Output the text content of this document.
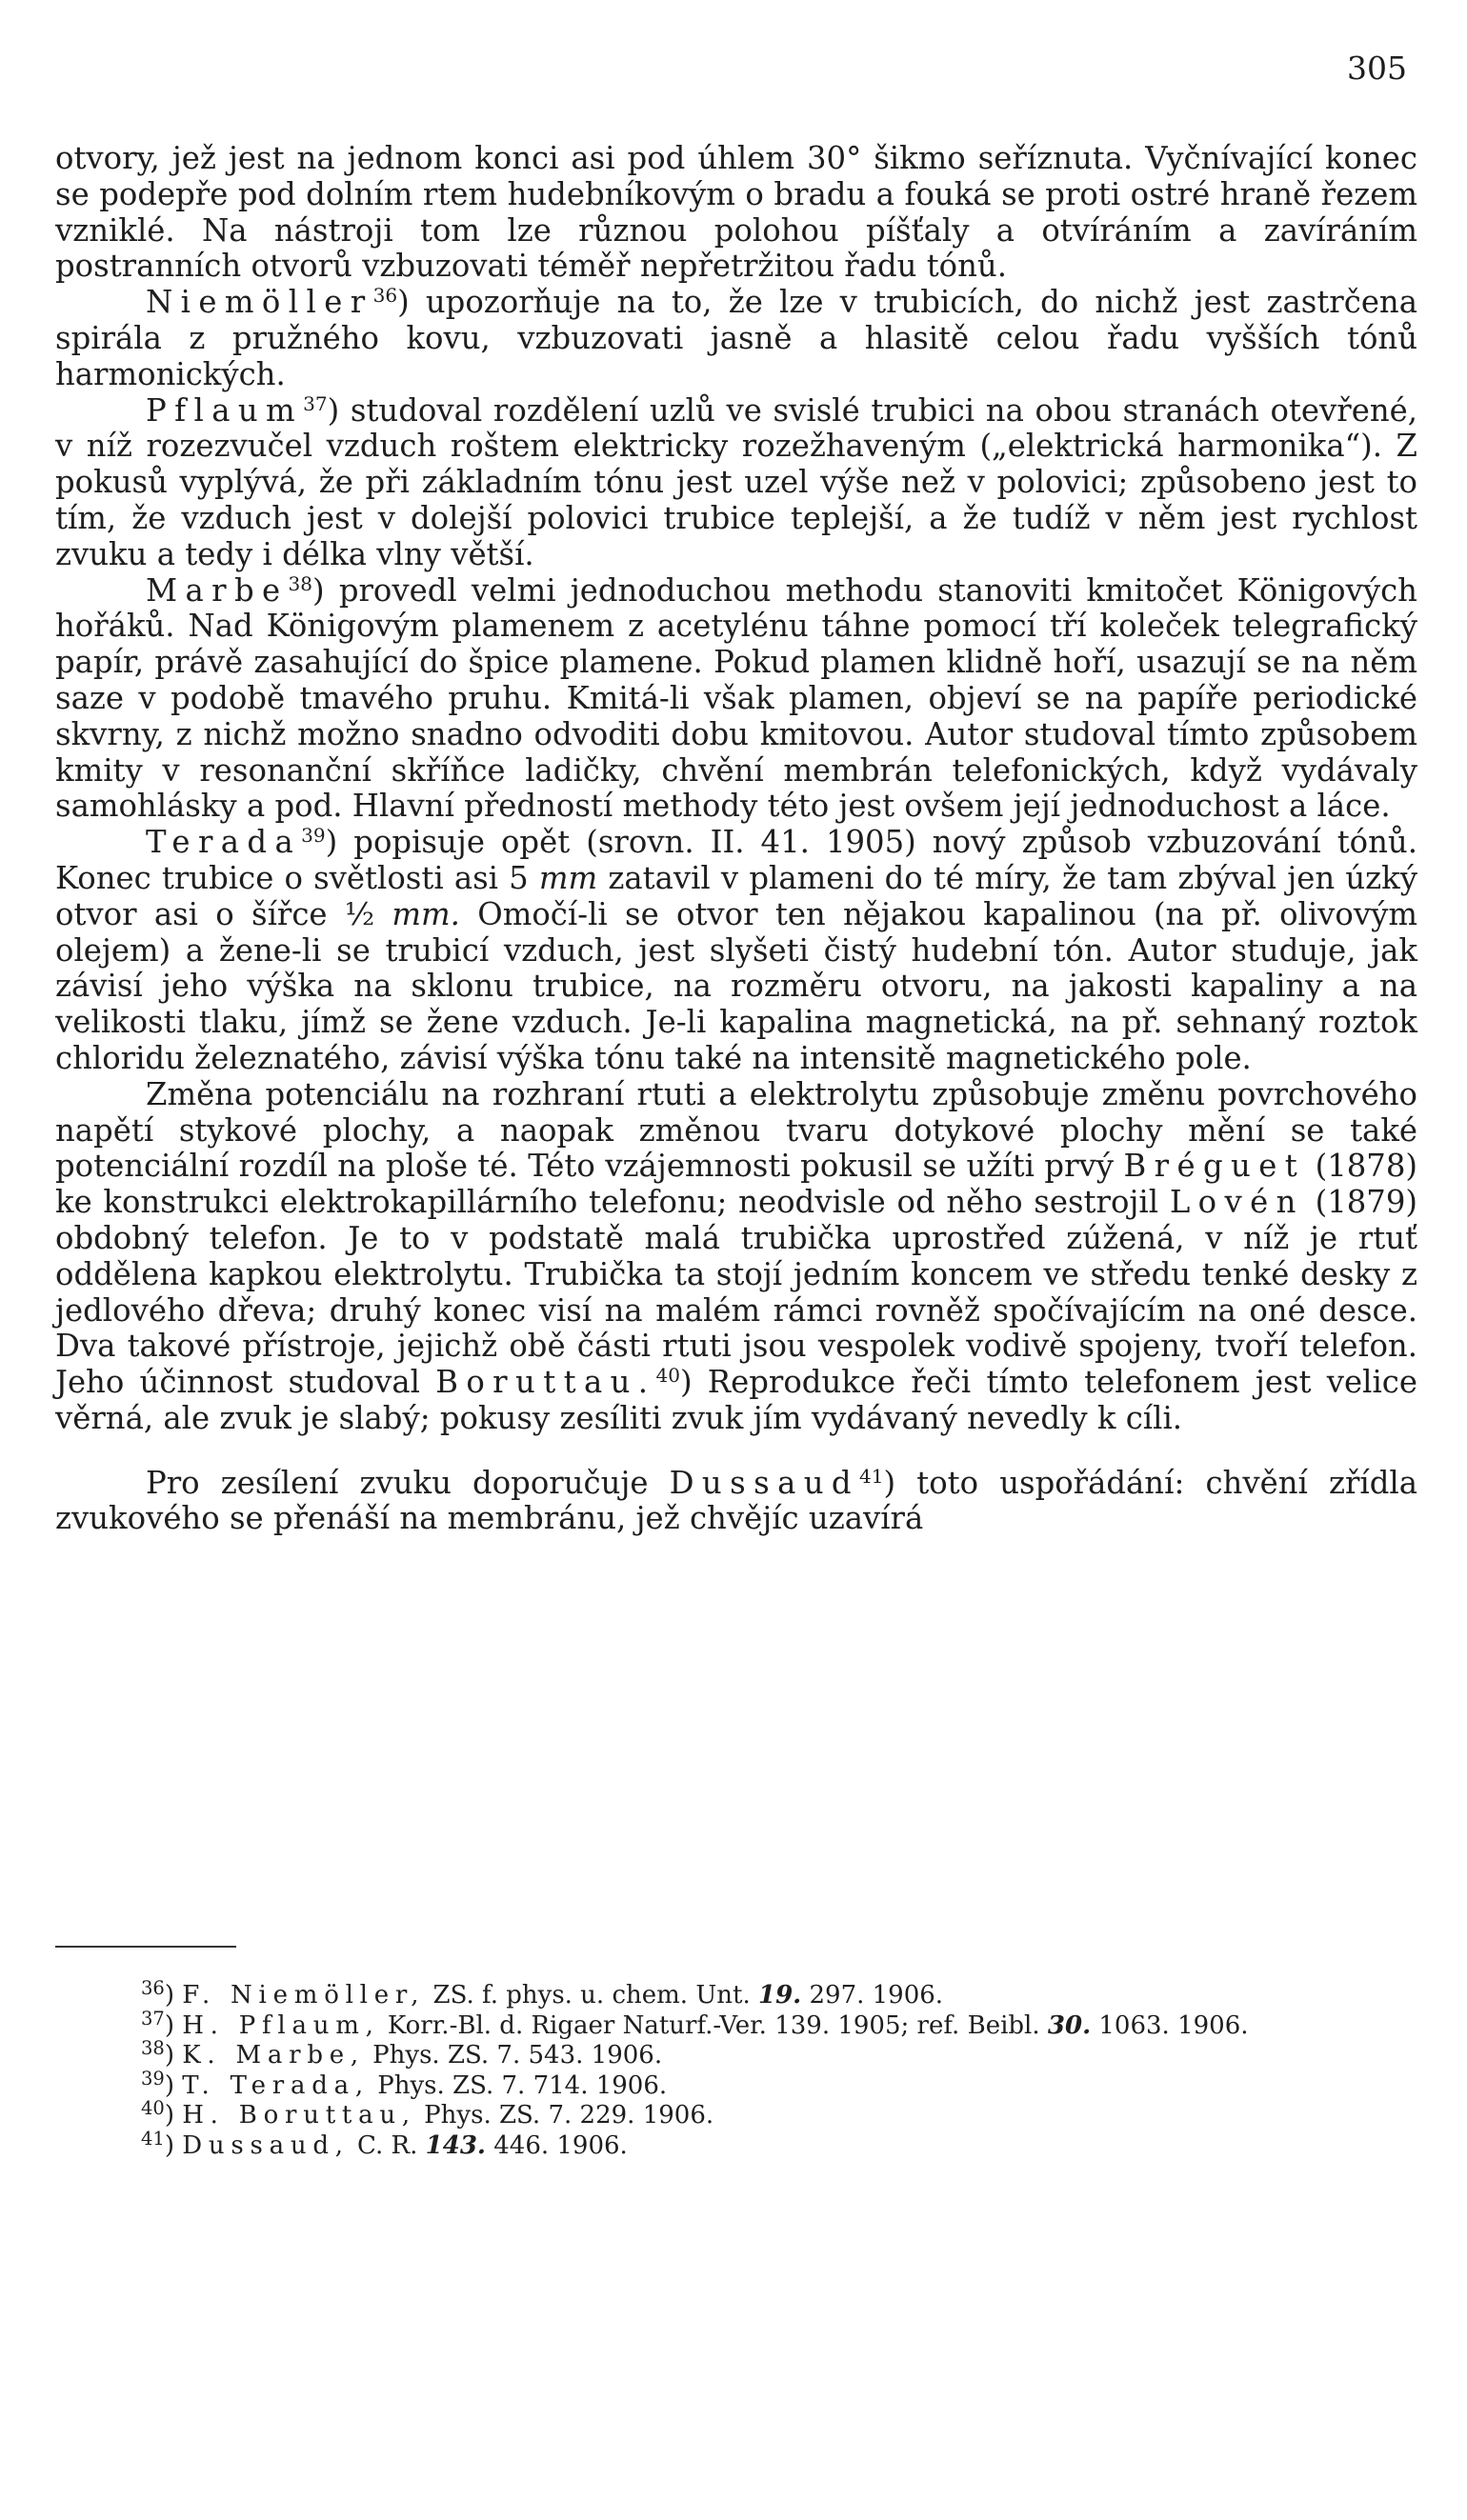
305

otvory, jež jest na jednom konci asi pod úhlem 30° šikmo seříznuta. Vyčnívající konec se podepře pod dolním rtem hudebníkovým o bradu a fouká se proti ostré hraně řezem vzniklé. Na nástroji tom lze různou polohou píšťaly a otvíráním a zavíráním postranních otvorů vzbuzovati téměř nepřetržitou řadu tónů.

Niemöller$^{36}$) upozorňuje na to, že lze v trubicích, do nichž jest zastrčena spirála z pružného kovu, vzbuzovati jasně a hlasitě celou řadu vyšších tónů harmonických.

Pflaum$^{37}$) studoval rozdělení uzlů ve svislé trubici na obou stranách otevřené, v níž rozezvučel vzduch roštem elektricky rozežhaveným („elektrická harmonika“). Z pokusů vyplývá, že při základním tónu jest uzel výše než v polovici; způsobeno jest to tím, že vzduch jest v dolejší polovici trubice teplejší, a že tudíž v něm jest rychlost zvuku a tedy i délka vlny větší.

Marbe$^{38}$) provedl velmi jednoduchou methodu stanoviti kmitočet Königových hořáků. Nad Königovým plamenem z acetylénu táhne pomocí tří koleček telegrafický papír, právě zasahující do špice plamene. Pokud plamen klidně hoří, usazují se na něm saze v podobě tmavého pruhu. Kmitá-li však plamen, objeví se na papíře periodické skvrny, z nichž možno snadno odvoditi dobu kmitovou. Autor studoval tímto způsobem kmity v resonanční skříňce ladičky, chvění membrán telefonických, když vydávaly samohlásky a pod. Hlavní předností methody této jest ovšem její jednoduchost a láce.

Terada$^{39}$) popisuje opět (srovn. II. 41. 1905) nový způsob vzbuzování tónů. Konec trubice o světlosti asi 5 mm zatavil v plameni do té míry, že tam zbýval jen úzký otvor asi o šířce ½ mm. Omočí-li se otvor ten nějakou kapalinou (na př. olivovým olejem) a žene-li se trubicí vzduch, jest slyšeti čistý hudební tón. Autor studuje, jak závisí jeho výška na sklonu trubice, na rozměru otvoru, na jakosti kapaliny a na velikosti tlaku, jímž se žene vzduch. Je-li kapalina magnetická, na př. sehnaný roztok chloridu železnatého, závisí výška tónu také na intensitě magnetického pole.

Změna potenciálu na rozhraní rtuti a elektrolytu způsobuje změnu povrchového napětí stykové plochy, a naopak změnou tvaru dotykové plochy mění se také potenciální rozdíl na ploše té. Této vzájemnosti pokusil se užíti prvý Bréguet (1878) ke konstrukci elektrokapillárního telefonu; neodvisle od něho sestrojil Lovén (1879) obdobný telefon. Je to v podstatě malá trubička uprostřed zúžená, v níž je rtuť oddělena kapkou elektrolytu. Trubička ta stojí jedním koncem ve středu tenké desky z jedlového dřeva; druhý konec visí na malém rámci rovněž spočívajícím na oné desce. Dva takové přístroje, jejichž obě části rtuti jsou vespolek vodivě spojeny, tvoří telefon. Jeho účinnost studoval Boruttau.$^{40}$) Reprodukce řeči tímto telefonem jest velice věrná, ale zvuk je slabý; pokusy zesíliti zvuk jím vydávaný nevedly k cíli.

Pro zesílení zvuku doporučuje Dussaud$^{41}$) toto uspořádání: chvění zřídla zvukového se přenáší na membránu, jež chvějíc uzavírá

$^{36}$) F. Niemöller, ZS. f. phys. u. chem. Unt. 19. 297. 1906.

$^{37}$) H. Pflaum, Korr.-Bl. d. Rigaer Naturf.-Ver. 139. 1905; ref. Beibl. 30. 1063. 1906.

$^{38}$) K. Marbe, Phys. ZS. 7. 543. 1906.

$^{39}$) T. Terada, Phys. ZS. 7. 714. 1906.

$^{40}$) H. Boruttau, Phys. ZS. 7. 229. 1906.

$^{41}$) Dussaud, C. R. 143. 446. 1906.
